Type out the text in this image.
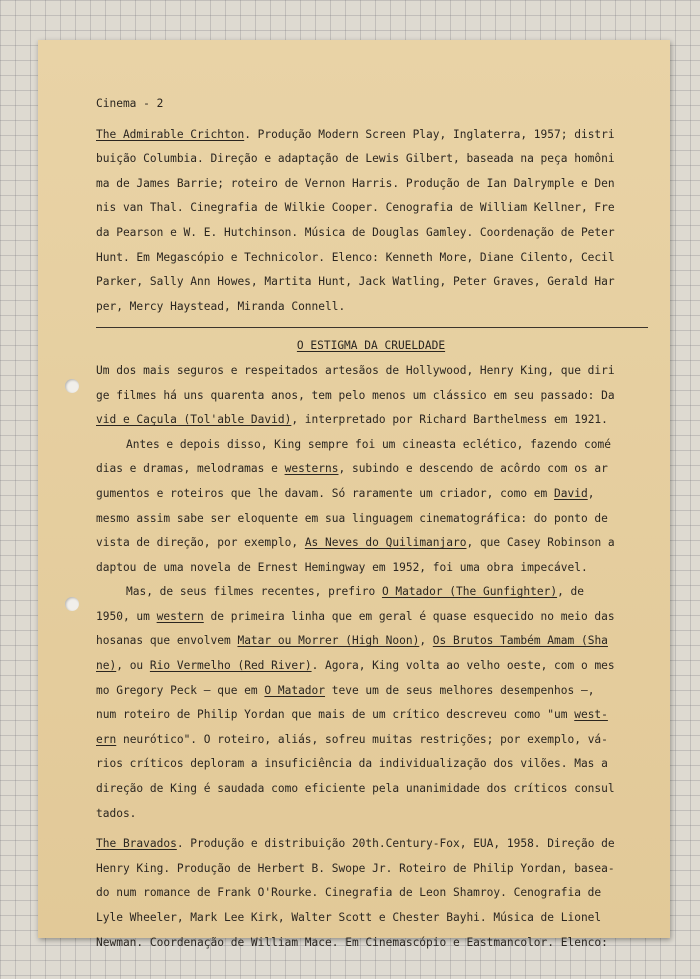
Cinema - 2
The Admirable Crichton. Produção Modern Screen Play, Inglaterra, 1957; distri
buição Columbia. Direção e adaptação de Lewis Gilbert, baseada na peça homôni
ma de James Barrie; roteiro de Vernon Harris. Produção de Ian Dalrymple e Den
nis van Thal. Cinegrafia de Wilkie Cooper. Cenografia de William Kellner, Fre
da Pearson e W. E. Hutchinson. Música de Douglas Gamley. Coordenação de Peter
Hunt. Em Megascópio e Technicolor. Elenco: Kenneth More, Diane Cilento, Cecil
Parker, Sally Ann Howes, Martita Hunt, Jack Watling, Peter Graves, Gerald Har
per, Mercy Haystead, Miranda Connell.
O ESTIGMA DA CRUELDADE
Um dos mais seguros e respeitados artesãos de Hollywood, Henry King, que diri
ge filmes há uns quarenta anos, tem pelo menos um clássico em seu passado: Da
vid e Caçula (Tol'able David), interpretado por Richard Barthelmess em 1921.
Antes e depois disso, King sempre foi um cineasta eclético, fazendo comé
dias e dramas, melodramas e westerns, subindo e descendo de acôrdo com os ar
gumentos e roteiros que lhe davam. Só raramente um criador, como em David,
mesmo assim sabe ser eloquente em sua linguagem cinematográfica: do ponto de
vista de direção, por exemplo, As Neves do Quilimanjaro, que Casey Robinson a
daptou de uma novela de Ernest Hemingway em 1952, foi uma obra impecável.
Mas, de seus filmes recentes, prefiro O Matador (The Gunfighter), de
1950, um western de primeira linha que em geral é quase esquecido no meio das
hosanas que envolvem Matar ou Morrer (High Noon), Os Brutos Também Amam (Sha
ne), ou Rio Vermelho (Red River). Agora, King volta ao velho oeste, com o mes
mo Gregory Peck — que em O Matador teve um de seus melhores desempenhos —,
num roteiro de Philip Yordan que mais de um crítico descreveu como "um west-
ern neurótico". O roteiro, aliás, sofreu muitas restrições; por exemplo, vá-
rios críticos deploram a insuficiência da individualização dos vilões. Mas a
direção de King é saudada como eficiente pela unanimidade dos críticos consul
tados.
The Bravados. Produção e distribuição 20th.Century-Fox, EUA, 1958. Direção de
Henry King. Produção de Herbert B. Swope Jr. Roteiro de Philip Yordan, basea-
do num romance de Frank O'Rourke. Cinegrafia de Leon Shamroy. Cenografia de
Lyle Wheeler, Mark Lee Kirk, Walter Scott e Chester Bayhi. Música de Lionel
Newman. Coordenação de William Mace. Em Cinemascópio e Eastmancolor. Elenco:
